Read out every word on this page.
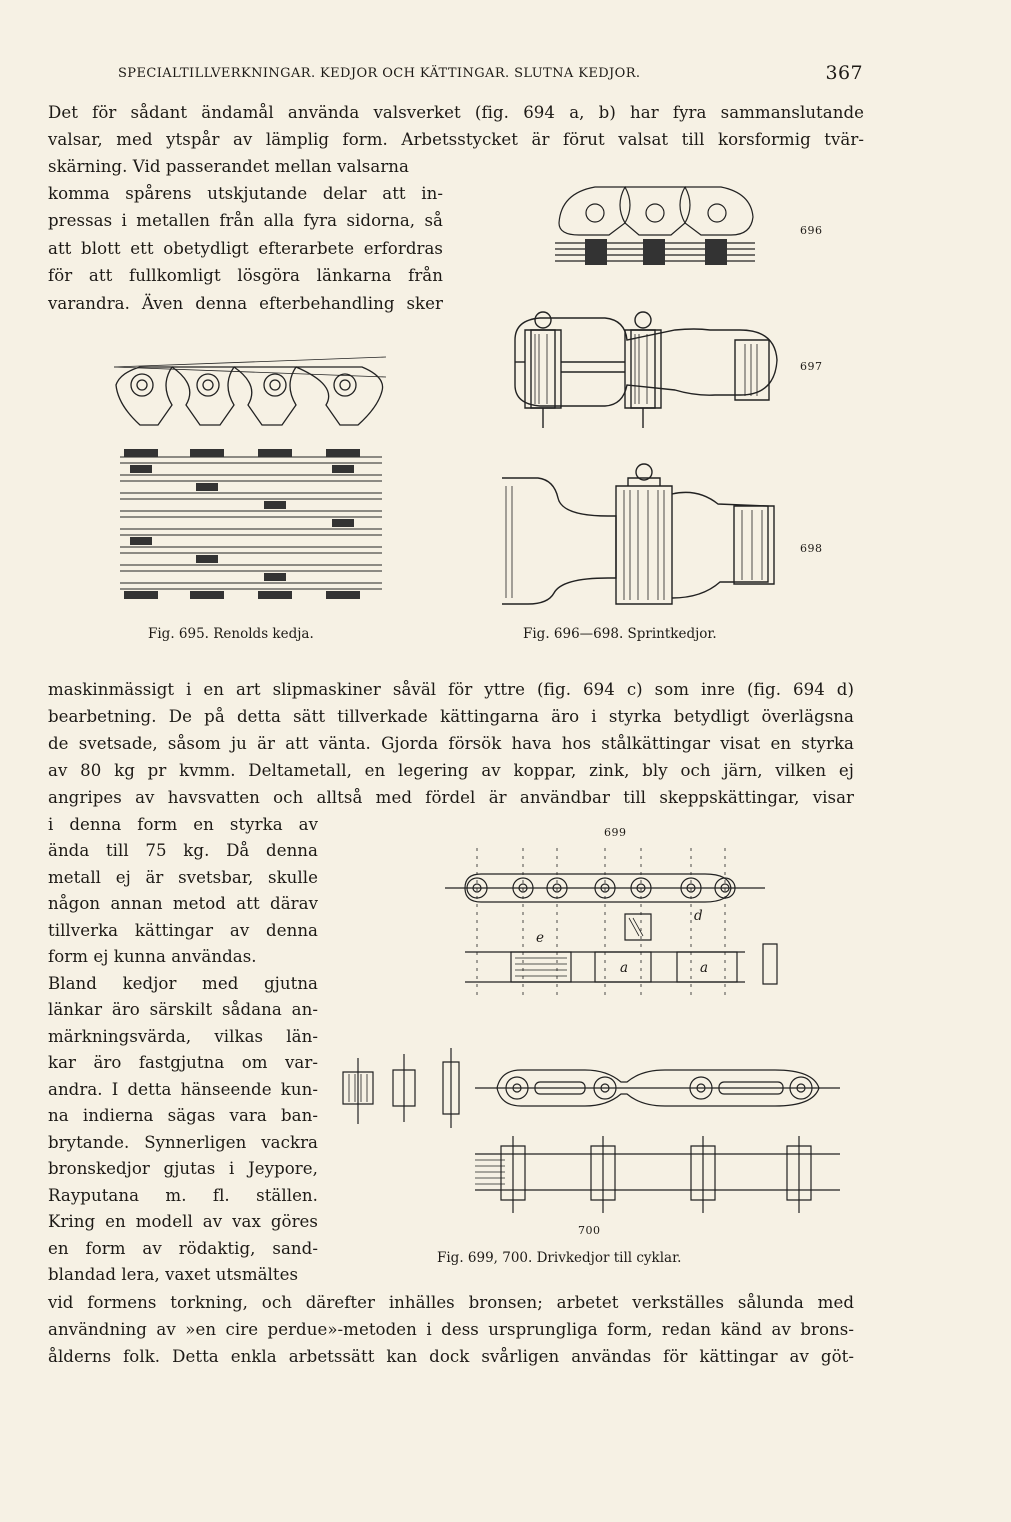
SPECIALTILLVERKNINGAR. KEDJOR OCH KÄTTINGAR. SLUTNA KEDJOR.	367
Det för sådant ändamål använda valsverket (fig. 694 a, b) har fyra sammanslutande
valsar, med ytspår av lämplig form. Arbetsstycket är förut valsat till korsformig tvär-
skärning. Vid passerandet mellan valsarna
komma spårens utskjutande delar att in-
pressas i metallen från alla fyra sidorna, så
att blott ett obetydligt efterarbete erfordras
för att fullkomligt lösgöra länkarna från
varandra. Även denna efterbehandling sker
Fig. 695. Renolds kedja.
696
697
698
Fig. 696—698. Sprintkedjor.
maskinmässigt i en art slipmaskiner såväl för yttre (fig. 694 c) som inre (fig. 694 d)
bearbetning. De på detta sätt tillverkade kättingarna äro i styrka betydligt överlägsna
de svetsade, såsom ju är att vänta. Gjorda försök hava hos stålkättingar visat en styrka
av 80 kg pr kvmm. Deltametall, en legering av koppar, zink, bly och järn, vilken ej
angripes av havsvatten och alltså med fördel är användbar till skeppskättingar, visar
i denna form en styrka av
ända till 75 kg. Då denna
metall ej är svetsbar, skulle
någon annan metod att därav
tillverka kättingar av denna
form ej kunna användas.
Bland kedjor med gjutna
länkar äro särskilt sådana an-
märkningsvärda, vilkas län-
kar äro fastgjutna om var-
andra. I detta hänseende kun-
na indierna sägas vara ban-
brytande. Synnerligen vackra
bronskedjor gjutas i Jeypore,
Rayputana m. fl. ställen.
Kring en modell av vax göres
en form av rödaktig, sand-
blandad lera, vaxet utsmältes
699
d
e
a	a
700
Fig. 699, 700. Drivkedjor till cyklar.
vid formens torkning, och därefter inhälles bronsen; arbetet verkställes sålunda med
användning av »en cire perdue»-metoden i dess ursprungliga form, redan känd av brons-
ålderns folk. Detta enkla arbetssätt kan dock svårligen användas för kättingar av göt-
